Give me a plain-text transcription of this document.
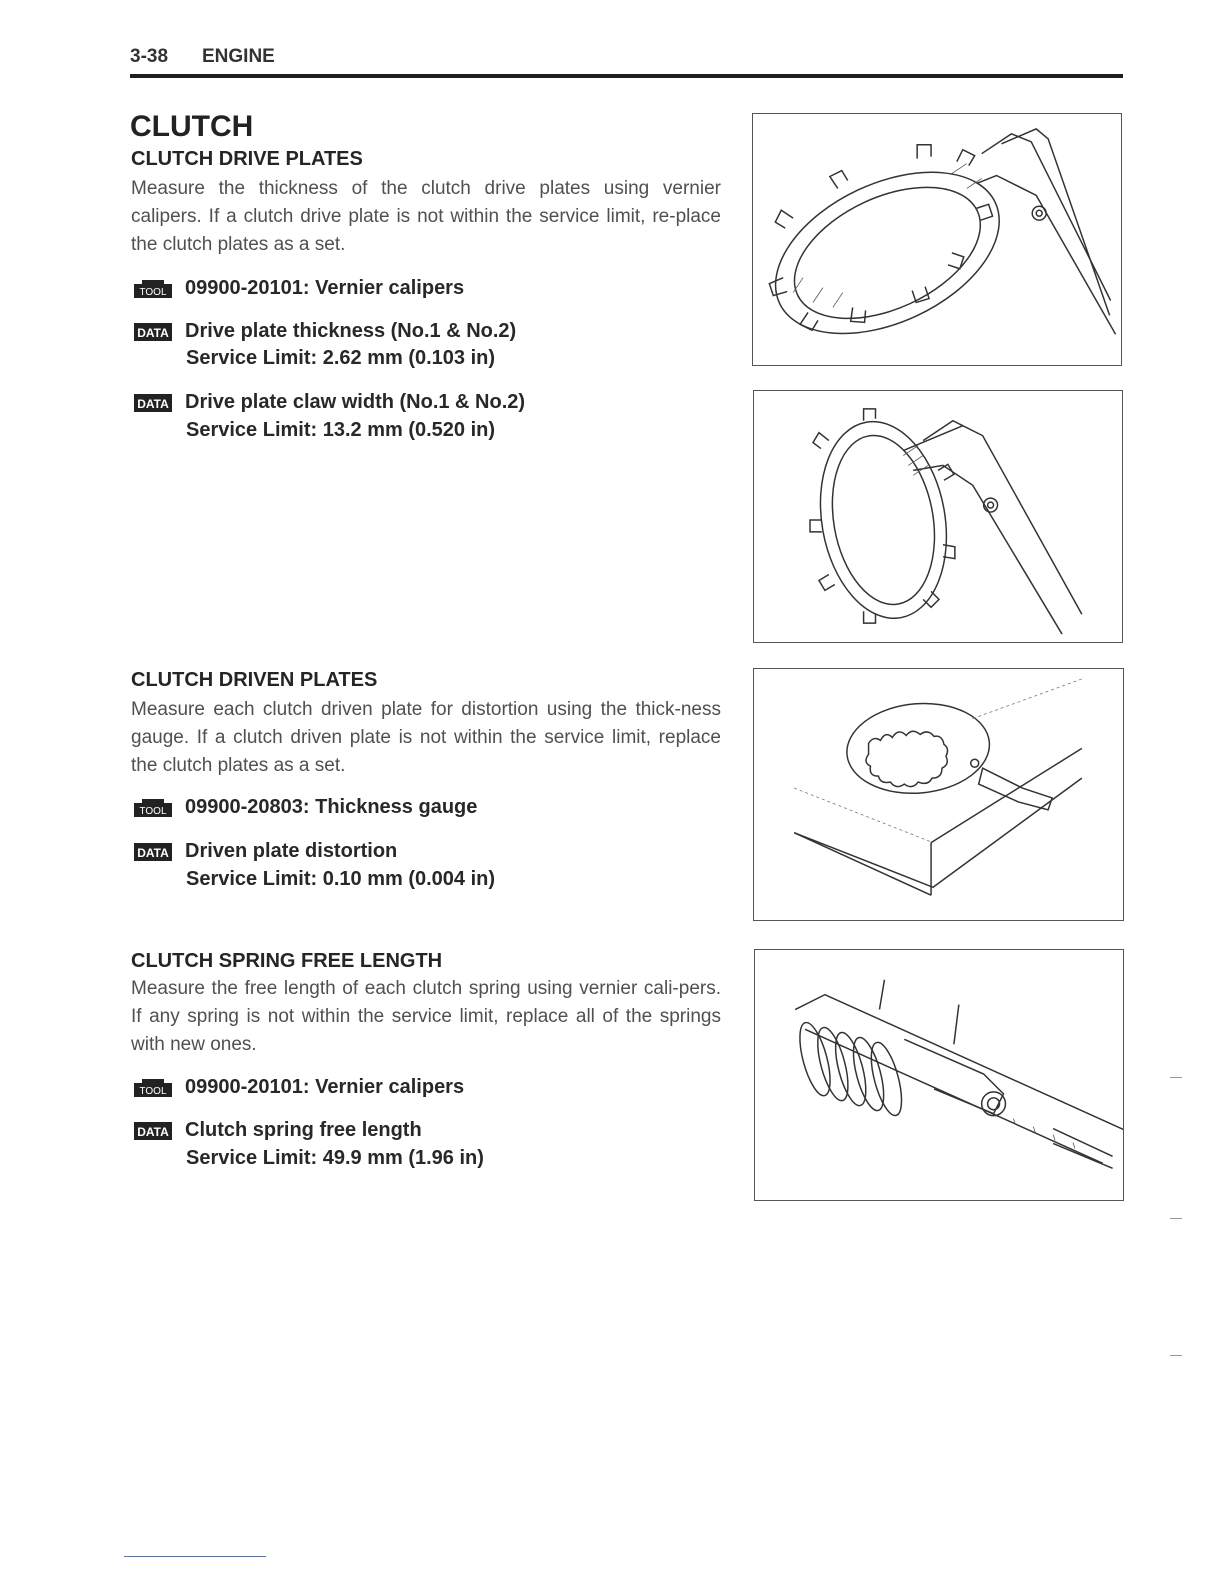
3-38 ENGINE
CLUTCH
CLUTCH DRIVE PLATES
Measure the thickness of the clutch drive plates using vernier calipers. If a clutch drive plate is not within the service limit, re-place the clutch plates as a set.
TOOL 09900-20101: Vernier calipers
DATA Drive plate thickness (No.1 & No.2)
Service Limit: 2.62 mm (0.103 in)
DATA Drive plate claw width (No.1 & No.2)
Service Limit: 13.2 mm (0.520 in)
CLUTCH DRIVEN PLATES
Measure each clutch driven plate for distortion using the thick-ness gauge. If a clutch driven plate is not within the service limit, replace the clutch plates as a set.
TOOL 09900-20803: Thickness gauge
DATA Driven plate distortion
Service Limit: 0.10 mm (0.004 in)
CLUTCH SPRING FREE LENGTH
Measure the free length of each clutch spring using vernier cali-pers. If any spring is not within the service limit, replace all of the springs with new ones.
TOOL 09900-20101: Vernier calipers
DATA Clutch spring free length
Service Limit: 49.9 mm (1.96 in)
